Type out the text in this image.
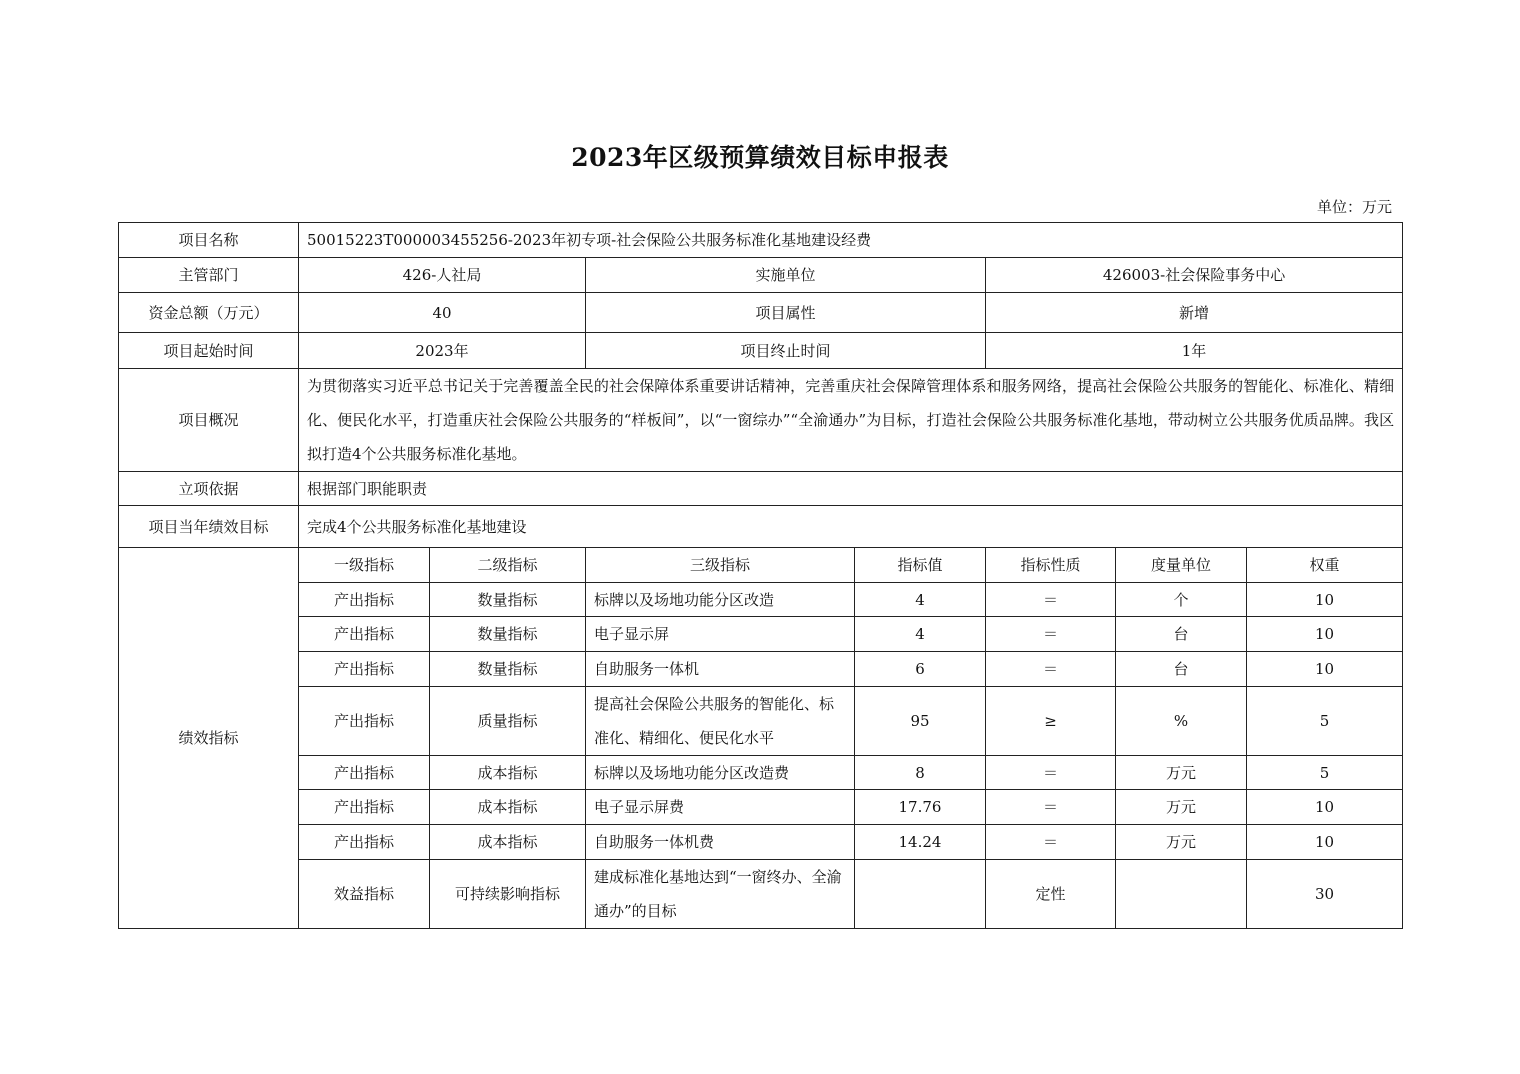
2023年区级预算绩效目标申报表
单位：万元
项目名称	50015223T000003455256-2023年初专项-社会保险公共服务标准化基地建设经费						
主管部门	426-人社局		实施单位		426003-社会保险事务中心		
资金总额（万元）	40		项目属性		新增		
项目起始时间	2023年		项目终止时间		1年		
项目概况	为贯彻落实习近平总书记关于完善覆盖全民的社会保障体系重要讲话精神，完善重庆社会保障管理体系和服务网络，提高社会保险公共服务的智能化、标准化、精细化、便民化水平，打造重庆社会保险公共服务的“样板间”，以“一窗综办”“全渝通办”为目标，打造社会保险公共服务标准化基地，带动树立公共服务优质品牌。我区拟打造4个公共服务标准化基地。						
立项依据	根据部门职能职责						
项目当年绩效目标	完成4个公共服务标准化基地建设						
绩效指标	一级指标	二级指标	三级指标	指标值	指标性质	度量单位	权重
	产出指标	数量指标	标牌以及场地功能分区改造	4	＝	个	10
	产出指标	数量指标	电子显示屏	4	＝	台	10
	产出指标	数量指标	自助服务一体机	6	＝	台	10
	产出指标	质量指标	提高社会保险公共服务的智能化、标准化、精细化、便民化水平	95	≥	%	5
	产出指标	成本指标	标牌以及场地功能分区改造费	8	＝	万元	5
	产出指标	成本指标	电子显示屏费	17.76	＝	万元	10
	产出指标	成本指标	自助服务一体机费	14.24	＝	万元	10
	效益指标	可持续影响指标	建成标准化基地达到“一窗终办、全渝通办”的目标		定性		30
